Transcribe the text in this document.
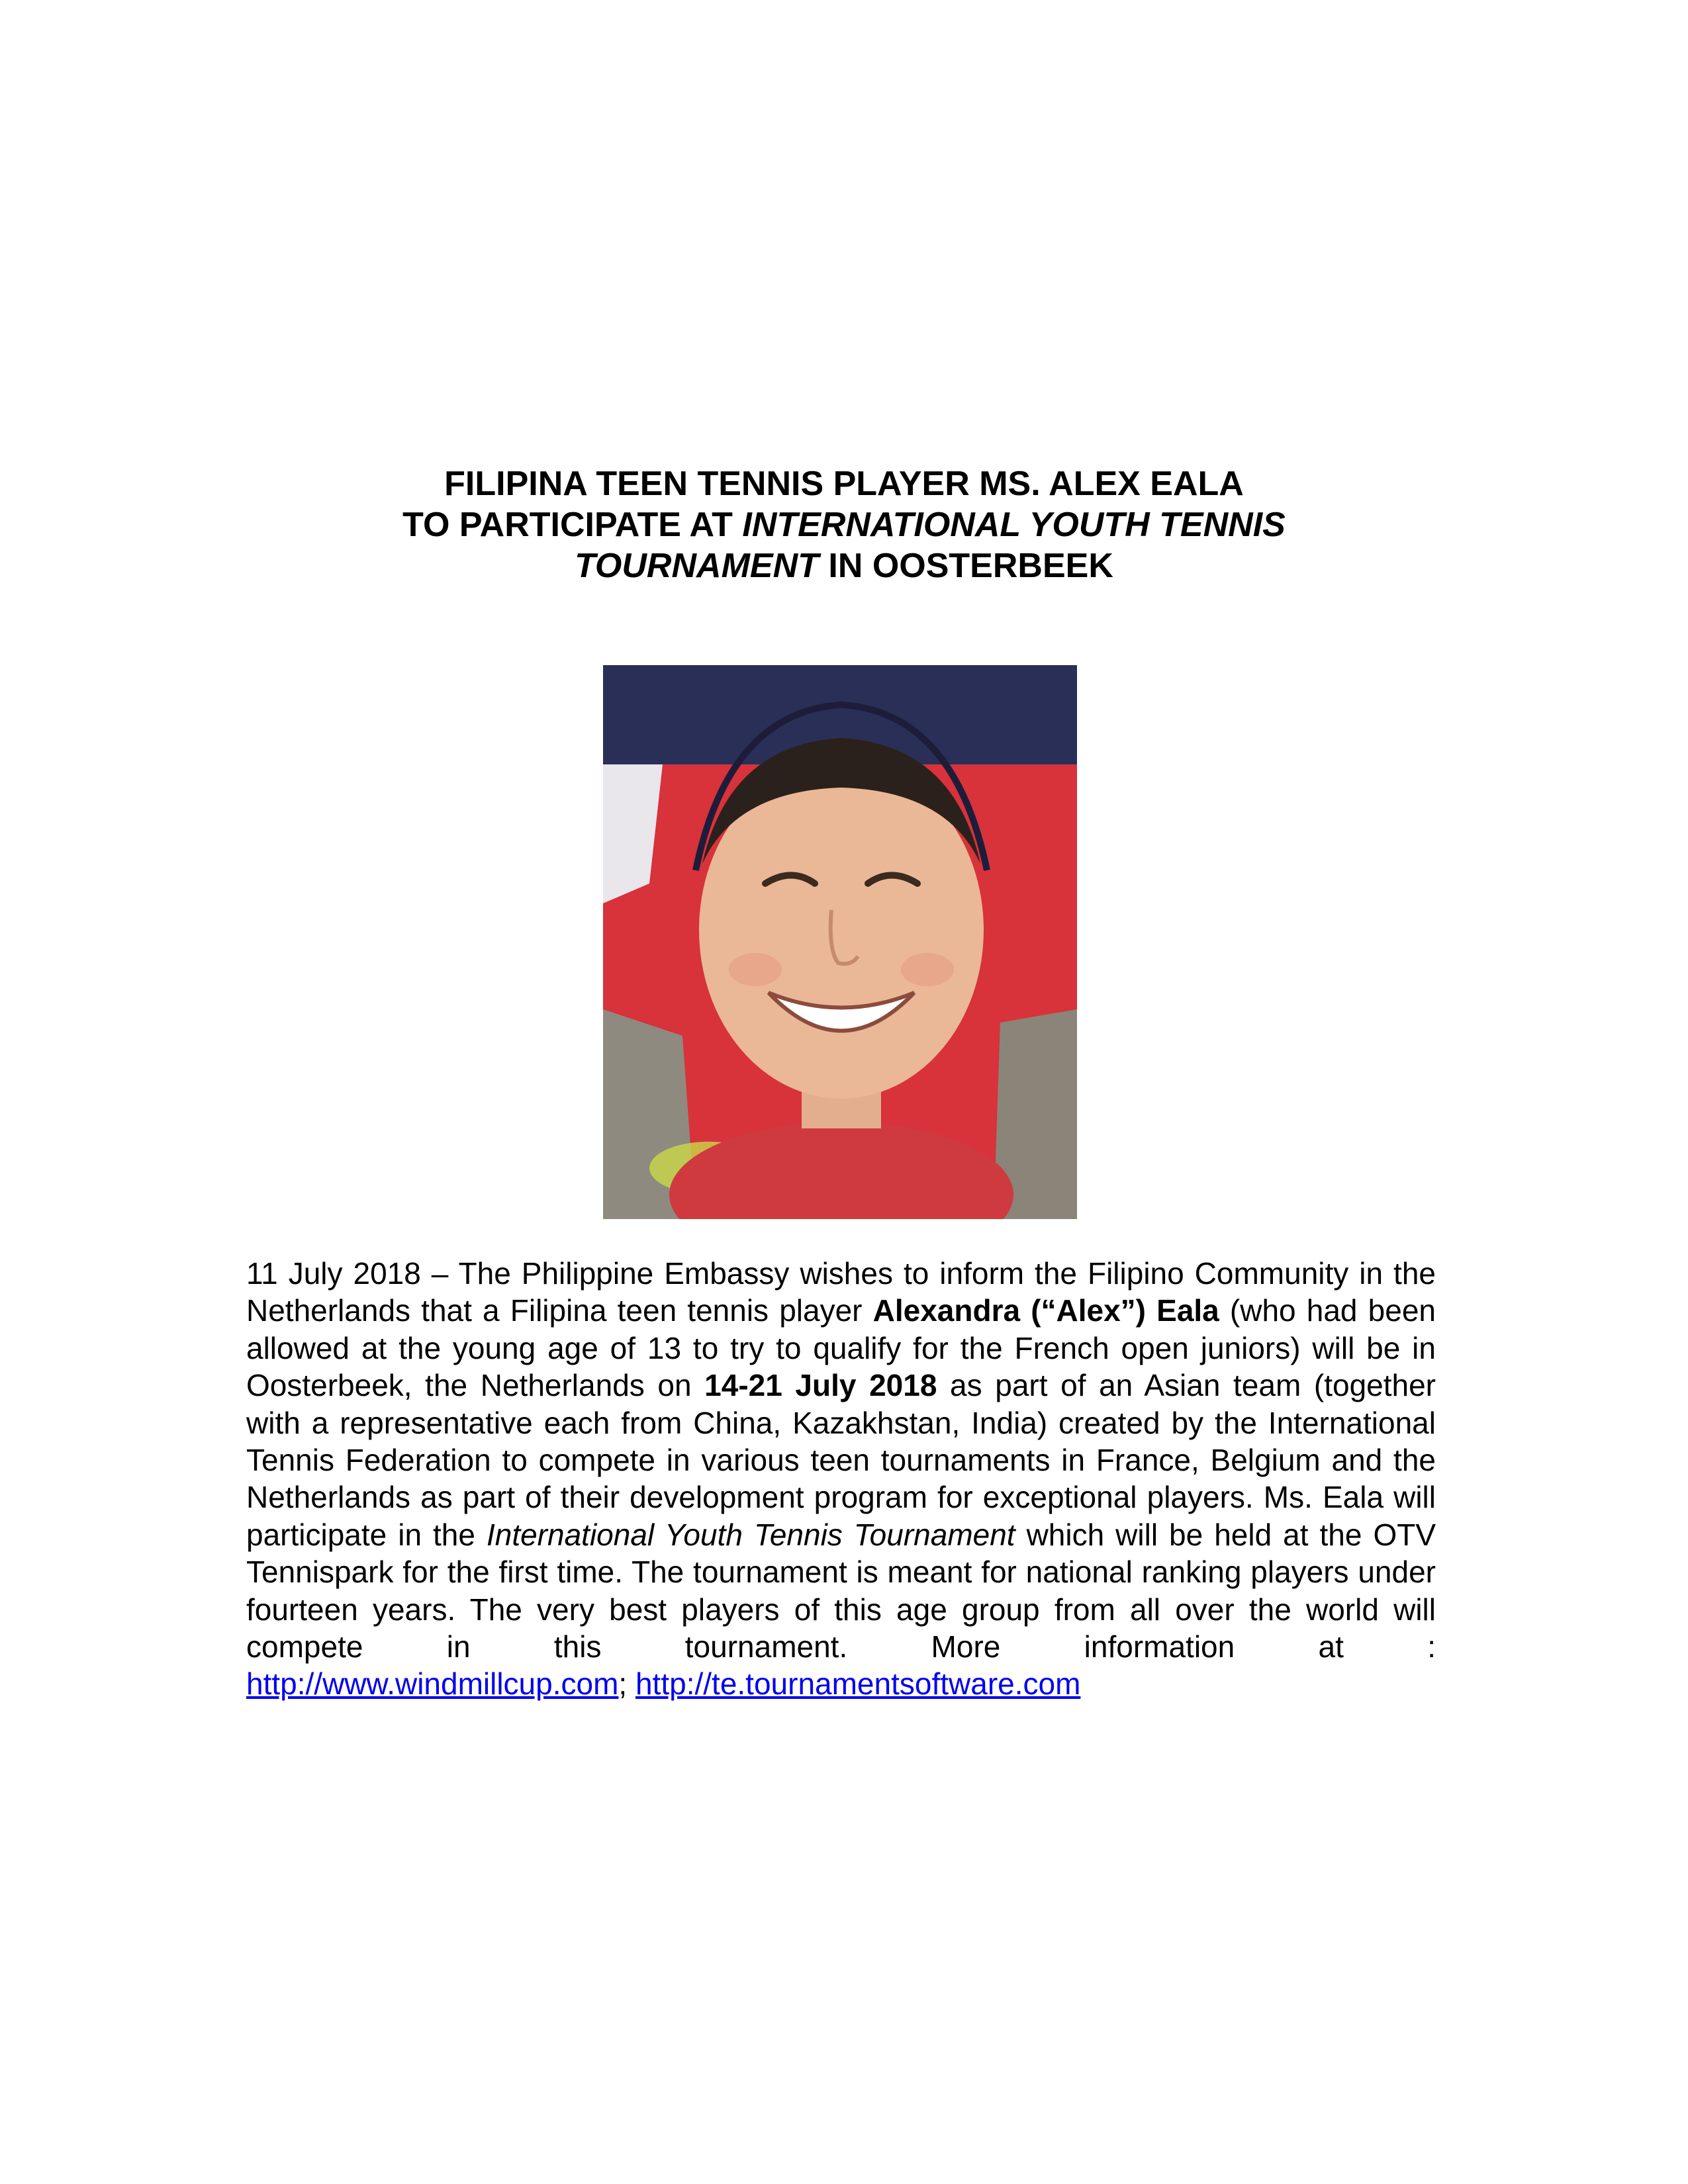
FILIPINA TEEN TENNIS PLAYER MS. ALEX EALA
TO PARTICIPATE AT INTERNATIONAL YOUTH TENNIS
TOURNAMENT IN OOSTERBEEK
11 July 2018 – The Philippine Embassy wishes to inform the Filipino Community in the Netherlands that a Filipina teen tennis player Alexandra (“Alex”) Eala (who had been allowed at the young age of 13 to try to qualify for the French open juniors) will be in Oosterbeek, the Netherlands on 14-21 July 2018 as part of an Asian team (together with a representative each from China, Kazakhstan, India) created by the International Tennis Federation to compete in various teen tournaments in France, Belgium and the Netherlands as part of their development program for exceptional players. Ms. Eala will participate in the International Youth Tennis Tournament which will be held at the OTV Tennispark for the first time. The tournament is meant for national ranking players under fourteen years. The very best players of this age group from all over the world will compete in this tournament. More information at :
http://www.windmillcup.com; http://te.tournamentsoftware.com
